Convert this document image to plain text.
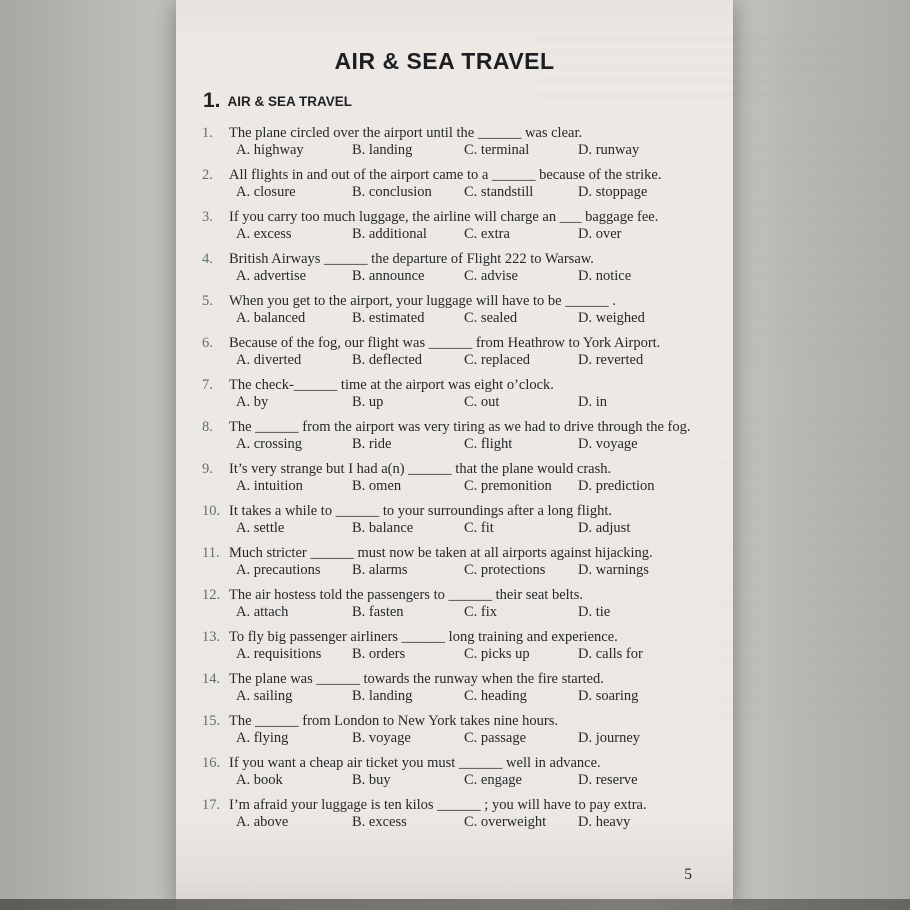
AIR & SEA TRAVEL
1. AIR & SEA TRAVEL
1.	The plane circled over the airport until the ______ was clear.
A. highway	B. landing	C. terminal	D. runway
2.	All flights in and out of the airport came to a ______ because of the strike.
A. closure	B. conclusion	C. standstill	D. stoppage
3.	If you carry too much luggage, the airline will charge an ___ baggage fee.
A. excess	B. additional	C. extra	D. over
4.	British Airways ______ the departure of Flight 222 to Warsaw.
A. advertise	B. announce	C. advise	D. notice
5.	When you get to the airport, your luggage will have to be ______ .
A. balanced	B. estimated	C. sealed	D. weighed
6.	Because of the fog, our flight was ______ from Heathrow to York Airport.
A. diverted	B. deflected	C. replaced	D. reverted
7.	The check-______ time at the airport was eight o’clock.
A. by	B. up	C. out	D. in
8.	The ______ from the airport was very tiring as we had to drive through the fog.
A. crossing	B. ride	C. flight	D. voyage
9.	It’s very strange but I had a(n) ______ that the plane would crash.
A. intuition	B. omen	C. premonition	D. prediction
10. It takes a while to ______ to your surroundings after a long flight.
A. settle	B. balance	C. fit	D. adjust
11. Much stricter ______ must now be taken at all airports against hijacking.
A. precautions	B. alarms	C. protections	D. warnings
12. The air hostess told the passengers to ______ their seat belts.
A. attach	B. fasten	C. fix	D. tie
13. To fly big passenger airliners ______ long training and experience.
A. requisitions	B. orders	C. picks up	D. calls for
14. The plane was ______ towards the runway when the fire started.
A. sailing	B. landing	C. heading	D. soaring
15. The ______ from London to New York takes nine hours.
A. flying	B. voyage	C. passage	D. journey
16. If you want a cheap air ticket you must ______ well in advance.
A. book	B. buy	C. engage	D. reserve
17. I’m afraid your luggage is ten kilos ______ ; you will have to pay extra.
A. above	B. excess	C. overweight	D. heavy
5
